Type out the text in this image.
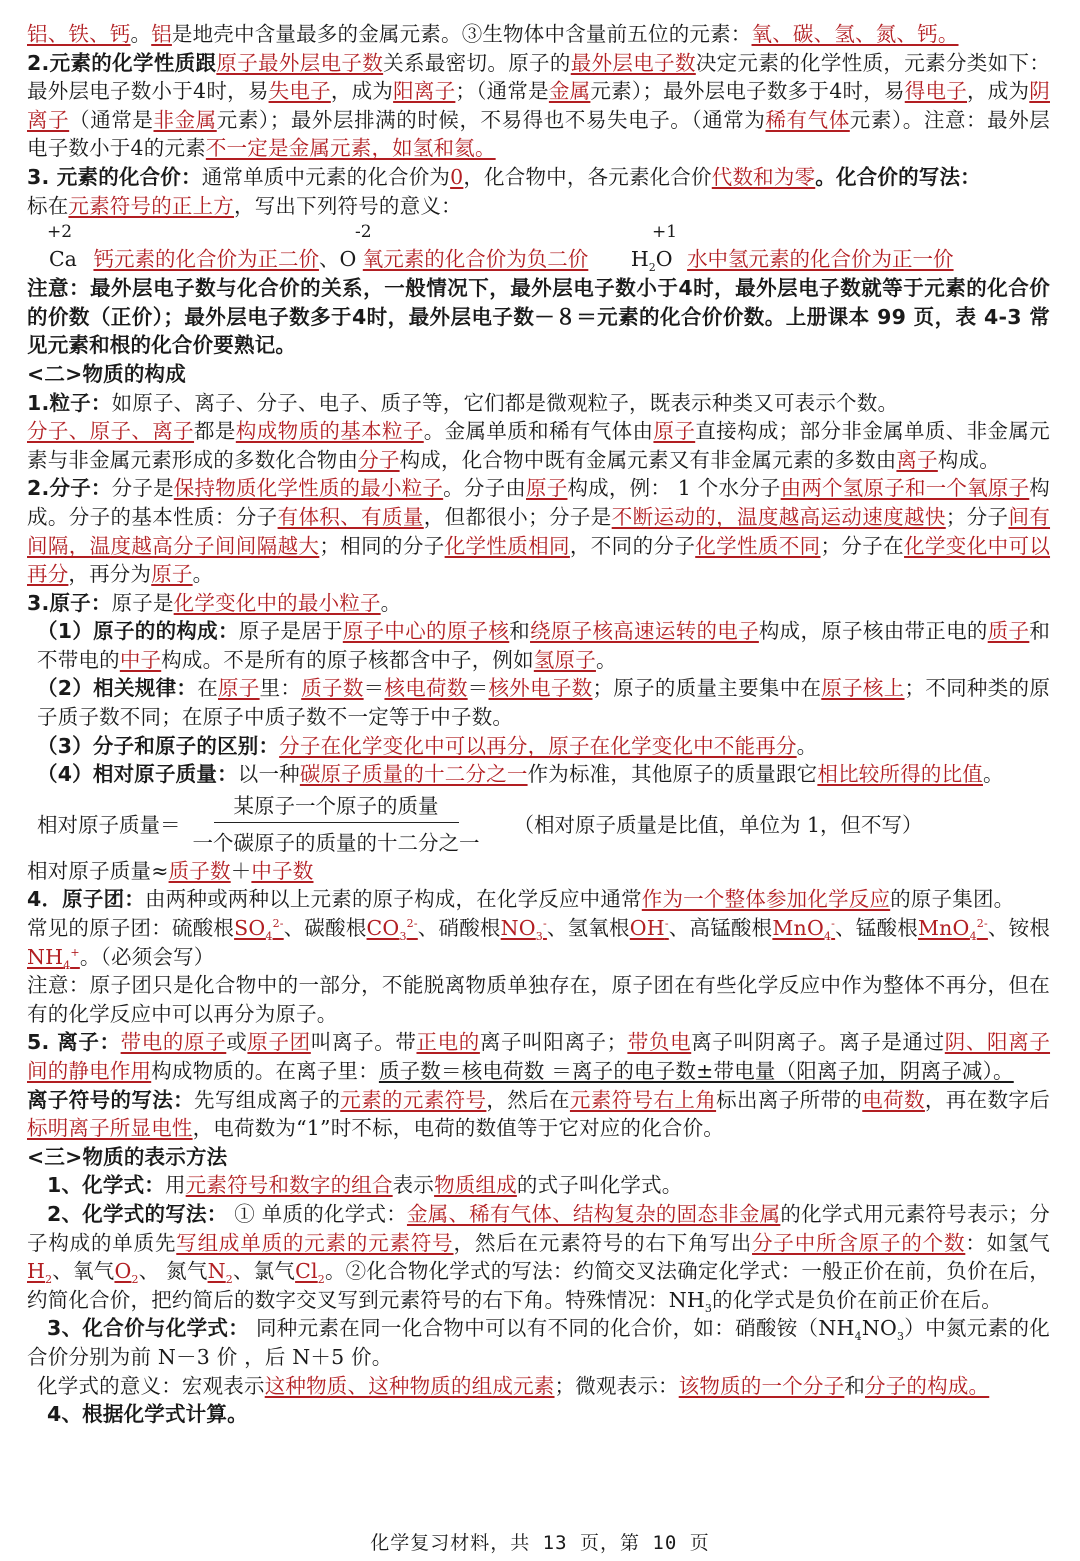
铝、铁、钙。铝是地壳中含量最多的金属元素。③生物体中含量前五位的元素：氧、碳、氢、氮、钙。

2.元素的化学性质跟原子最外层电子数关系最密切。原子的最外层电子数决定元素的化学性质，元素分类如下：最外层电子数小于4时，易失电子，成为阳离子；（通常是金属元素）；最外层电子数多于4时，易得电子，成为阴离子（通常是非金属元素）；最外层排满的时候，不易得也不易失电子。（通常为稀有气体元素）。注意：最外层电子数小于4的元素不一定是金属元素，如氢和氦。

3. 元素的化合价：通常单质中元素的化合价为0，化合物中，各元素化合价代数和为零。化合价的写法：
标在元素符号的正上方，写出下列符号的意义：

+2	-2	+1
Ca 钙元素的化合价为正二价、O 氧元素的化合价为负二价 $H_2O$ 水中氢元素的化合价为正一价

注意：最外层电子数与化合价的关系，一般情况下，最外层电子数小于4时，最外层电子数就等于元素的化合价的价数（正价）；最外层电子数多于4时，最外层电子数－８＝元素的化合价价数。上册课本 99 页，表 4-3 常见元素和根的化合价要熟记。

<二>物质的构成

1.粒子：如原子、离子、分子、电子、质子等，它们都是微观粒子，既表示种类又可表示个数。
分子、原子、离子都是构成物质的基本粒子。金属单质和稀有气体由原子直接构成；部分非金属单质、非金属元素与非金属元素形成的多数化合物由分子构成，化合物中既有金属元素又有非金属元素的多数由离子构成。

2.分子：分子是保持物质化学性质的最小粒子。分子由原子构成，例： 1 个水分子由两个氢原子和一个氧原子构成。分子的基本性质：分子有体积、有质量，但都很小；分子是不断运动的，温度越高运动速度越快；分子间有间隔，温度越高分子间间隔越大；相同的分子化学性质相同，不同的分子化学性质不同；分子在化学变化中可以再分，再分为原子。

3.原子：原子是化学变化中的最小粒子。

（1）原子的的构成：原子是居于原子中心的原子核和绕原子核高速运转的电子构成，原子核由带正电的质子和不带电的中子构成。不是所有的原子核都含中子，例如氢原子。

（2）相关规律：在原子里：质子数＝核电荷数＝核外电子数；原子的质量主要集中在原子核上；不同种类的原子质子数不同；在原子中质子数不一定等于中子数。

（3）分子和原子的区别：分子在化学变化中可以再分，原子在化学变化中不能再分。

（4）相对原子质量：以一种碳原子质量的十二分之一作为标准，其他原子的质量跟它相比较所得的比值。

相对原子质量＝ $\frac{\text{某原子一个原子的质量}}{\text{一个碳原子的质量的十二分之一}}$ （相对原子质量是比值，单位为 1，但不写）

相对原子质量≈质子数＋中子数

4．原子团：由两种或两种以上元素的原子构成，在化学反应中通常作为一个整体参加化学反应的原子集团。
常见的原子团：硫酸根$SO_4^{2-}$、碳酸根$CO_3^{2-}$、硝酸根$NO_3^-$、氢氧根OH-、高锰酸根MnO$_4$-、锰酸根MnO$_4^{2-}$、铵根$NH_4^+$。（必须会写）
注意：原子团只是化合物中的一部分，不能脱离物质单独存在，原子团在有些化学反应中作为整体不再分，但在有的化学反应中可以再分为原子。

5. 离子：带电的原子或原子团叫离子。带正电的离子叫阳离子；带负电离子叫阴离子。离子是通过阴、阳离子间的静电作用构成物质的。在离子里：质子数＝核电荷数 ＝离子的电子数±带电量（阳离子加，阴离子减）。

离子符号的写法：先写组成离子的元素的元素符号，然后在元素符号右上角标出离子所带的电荷数，再在数字后标明离子所显电性，电荷数为“1”时不标，电荷的数值等于它对应的化合价。

<三>物质的表示方法

1、化学式：用元素符号和数字的组合表示物质组成的式子叫化学式。

2、化学式的写法： ① 单质的化学式：金属、稀有气体、结构复杂的固态非金属的化学式用元素符号表示；分子构成的单质先写组成单质的元素的元素符号，然后在元素符号的右下角写出分子中所含原子的个数：如氢气$H_2$、氧气$O_2$、 氮气$N_2$、氯气$Cl_2$。②化合物化学式的写法：约简交叉法确定化学式：一般正价在前，负价在后，约简化合价，把约简后的数字交叉写到元素符号的右下角。特殊情况：$NH_3$的化学式是负价在前正价在后。

3、化合价与化学式： 同种元素在同一化合物中可以有不同的化合价，如：硝酸铵$(NH_4NO_3)$中氮元素的化合价分别为前 N－3 价 ，后 N＋5 价。

化学式的意义：宏观表示这种物质、这种物质的组成元素；微观表示：该物质的一个分子和分子的构成。

4、根据化学式计算。

化学复习材料，共 13 页，第 10 页
